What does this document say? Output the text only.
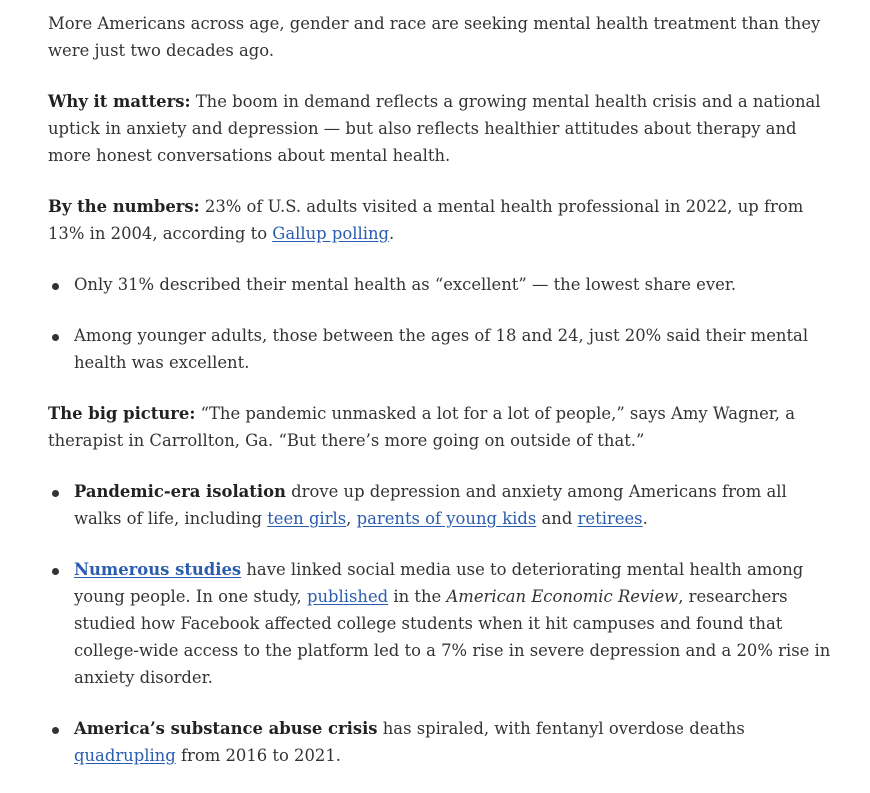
More Americans across age, gender and race are seeking mental health treatment than they were just two decades ago.

Why it matters: The boom in demand reflects a growing mental health crisis and a national uptick in anxiety and depression — but also reflects healthier attitudes about therapy and more honest conversations about mental health.

By the numbers: 23% of U.S. adults visited a mental health professional in 2022, up from 13% in 2004, according to Gallup polling.

Only 31% described their mental health as “excellent” — the lowest share ever.
Among younger adults, those between the ages of 18 and 24, just 20% said their mental health was excellent.

The big picture: “The pandemic unmasked a lot for a lot of people,” says Amy Wagner, a therapist in Carrollton, Ga. “But there’s more going on outside of that.”

Pandemic-era isolation drove up depression and anxiety among Americans from all walks of life, including teen girls, parents of young kids and retirees.
Numerous studies have linked social media use to deteriorating mental health among young people. In one study, published in the American Economic Review, researchers studied how Facebook affected college students when it hit campuses and found that college-wide access to the platform led to a 7% rise in severe depression and a 20% rise in anxiety disorder.
America’s substance abuse crisis has spiraled, with fentanyl overdose deaths quadrupling from 2016 to 2021.
